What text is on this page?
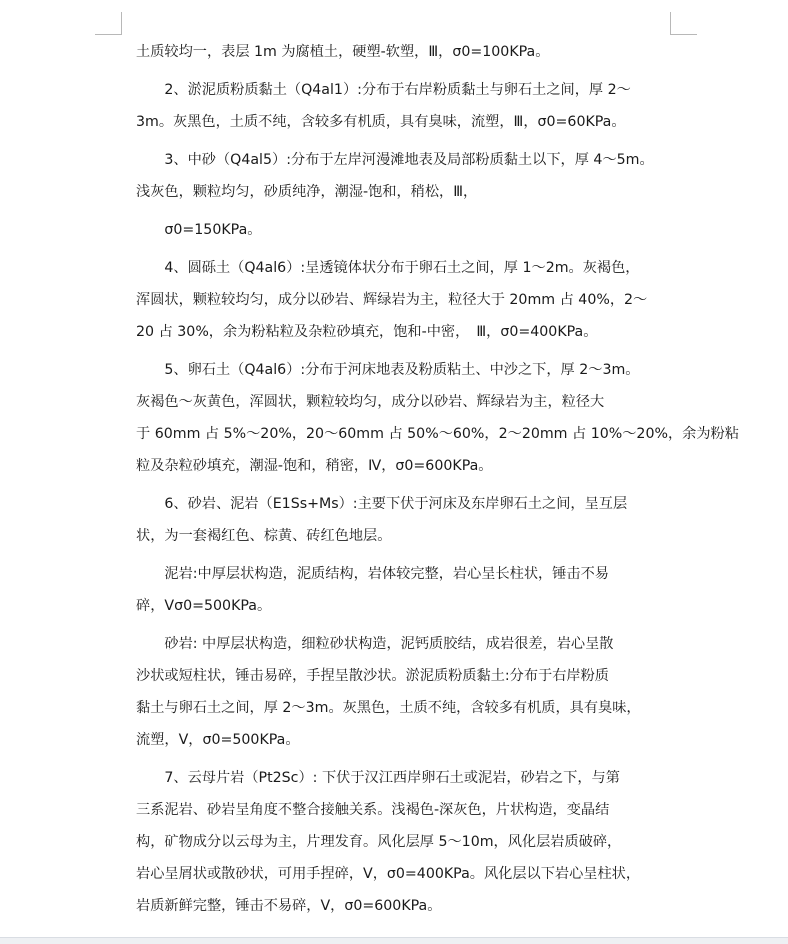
土质较均一，表层 1m 为腐植土，硬塑-软塑，Ⅲ，σ0=100KPa。
　　2、淤泥质粉质黏土（Q4al1）:分布于右岸粉质黏土与卵石土之间，厚 2～
3m。灰黑色，土质不纯，含较多有机质，具有臭味，流塑，Ⅲ，σ0=60KPa。
　　3、中砂（Q4al5）:分布于左岸河漫滩地表及局部粉质黏土以下，厚 4～5m。
浅灰色，颗粒均匀，砂质纯净，潮湿-饱和，稍松，Ⅲ，
　　σ0=150KPa。
　　4、圆砾土（Q4al6）:呈透镜体状分布于卵石土之间，厚 1～2m。灰褐色，
浑圆状，颗粒较均匀，成分以砂岩、辉绿岩为主，粒径大于 20mm 占 40%，2～
20 占 30%，余为粉粘粒及杂粒砂填充，饱和-中密，　Ⅲ，σ0=400KPa。
　　5、卵石土（Q4al6）:分布于河床地表及粉质粘土、中沙之下，厚 2～3m。
灰褐色～灰黄色，浑圆状，颗粒较均匀，成分以砂岩、辉绿岩为主，粒径大
于 60mm 占 5%～20%，20～60mm 占 50%～60%，2～20mm 占 10%～20%，余为粉粘
粒及杂粒砂填充，潮湿-饱和，稍密，Ⅳ，σ0=600KPa。
　　6、砂岩、泥岩（E1Ss+Ms）:主要下伏于河床及东岸卵石土之间，呈互层
状，为一套褐红色、棕黄、砖红色地层。
　　泥岩:中厚层状构造，泥质结构，岩体较完整，岩心呈长柱状，锤击不易
碎，Ⅴσ0=500KPa。
　　砂岩: 中厚层状构造，细粒砂状构造，泥钙质胶结，成岩很差，岩心呈散
沙状或短柱状，锤击易碎，手捏呈散沙状。淤泥质粉质黏土:分布于右岸粉质
黏土与卵石土之间，厚 2～3m。灰黑色，土质不纯，含较多有机质，具有臭味，
流塑，Ⅴ，σ0=500KPa。
　　7、云母片岩（Pt2Sc）: 下伏于汉江西岸卵石土或泥岩，砂岩之下，与第
三系泥岩、砂岩呈角度不整合接触关系。浅褐色-深灰色，片状构造，变晶结
构，矿物成分以云母为主，片理发育。风化层厚 5～10m，风化层岩质破碎，
岩心呈屑状或散砂状，可用手捏碎，Ⅴ，σ0=400KPa。风化层以下岩心呈柱状，
岩质新鲜完整，锤击不易碎，Ⅴ，σ0=600KPa。
